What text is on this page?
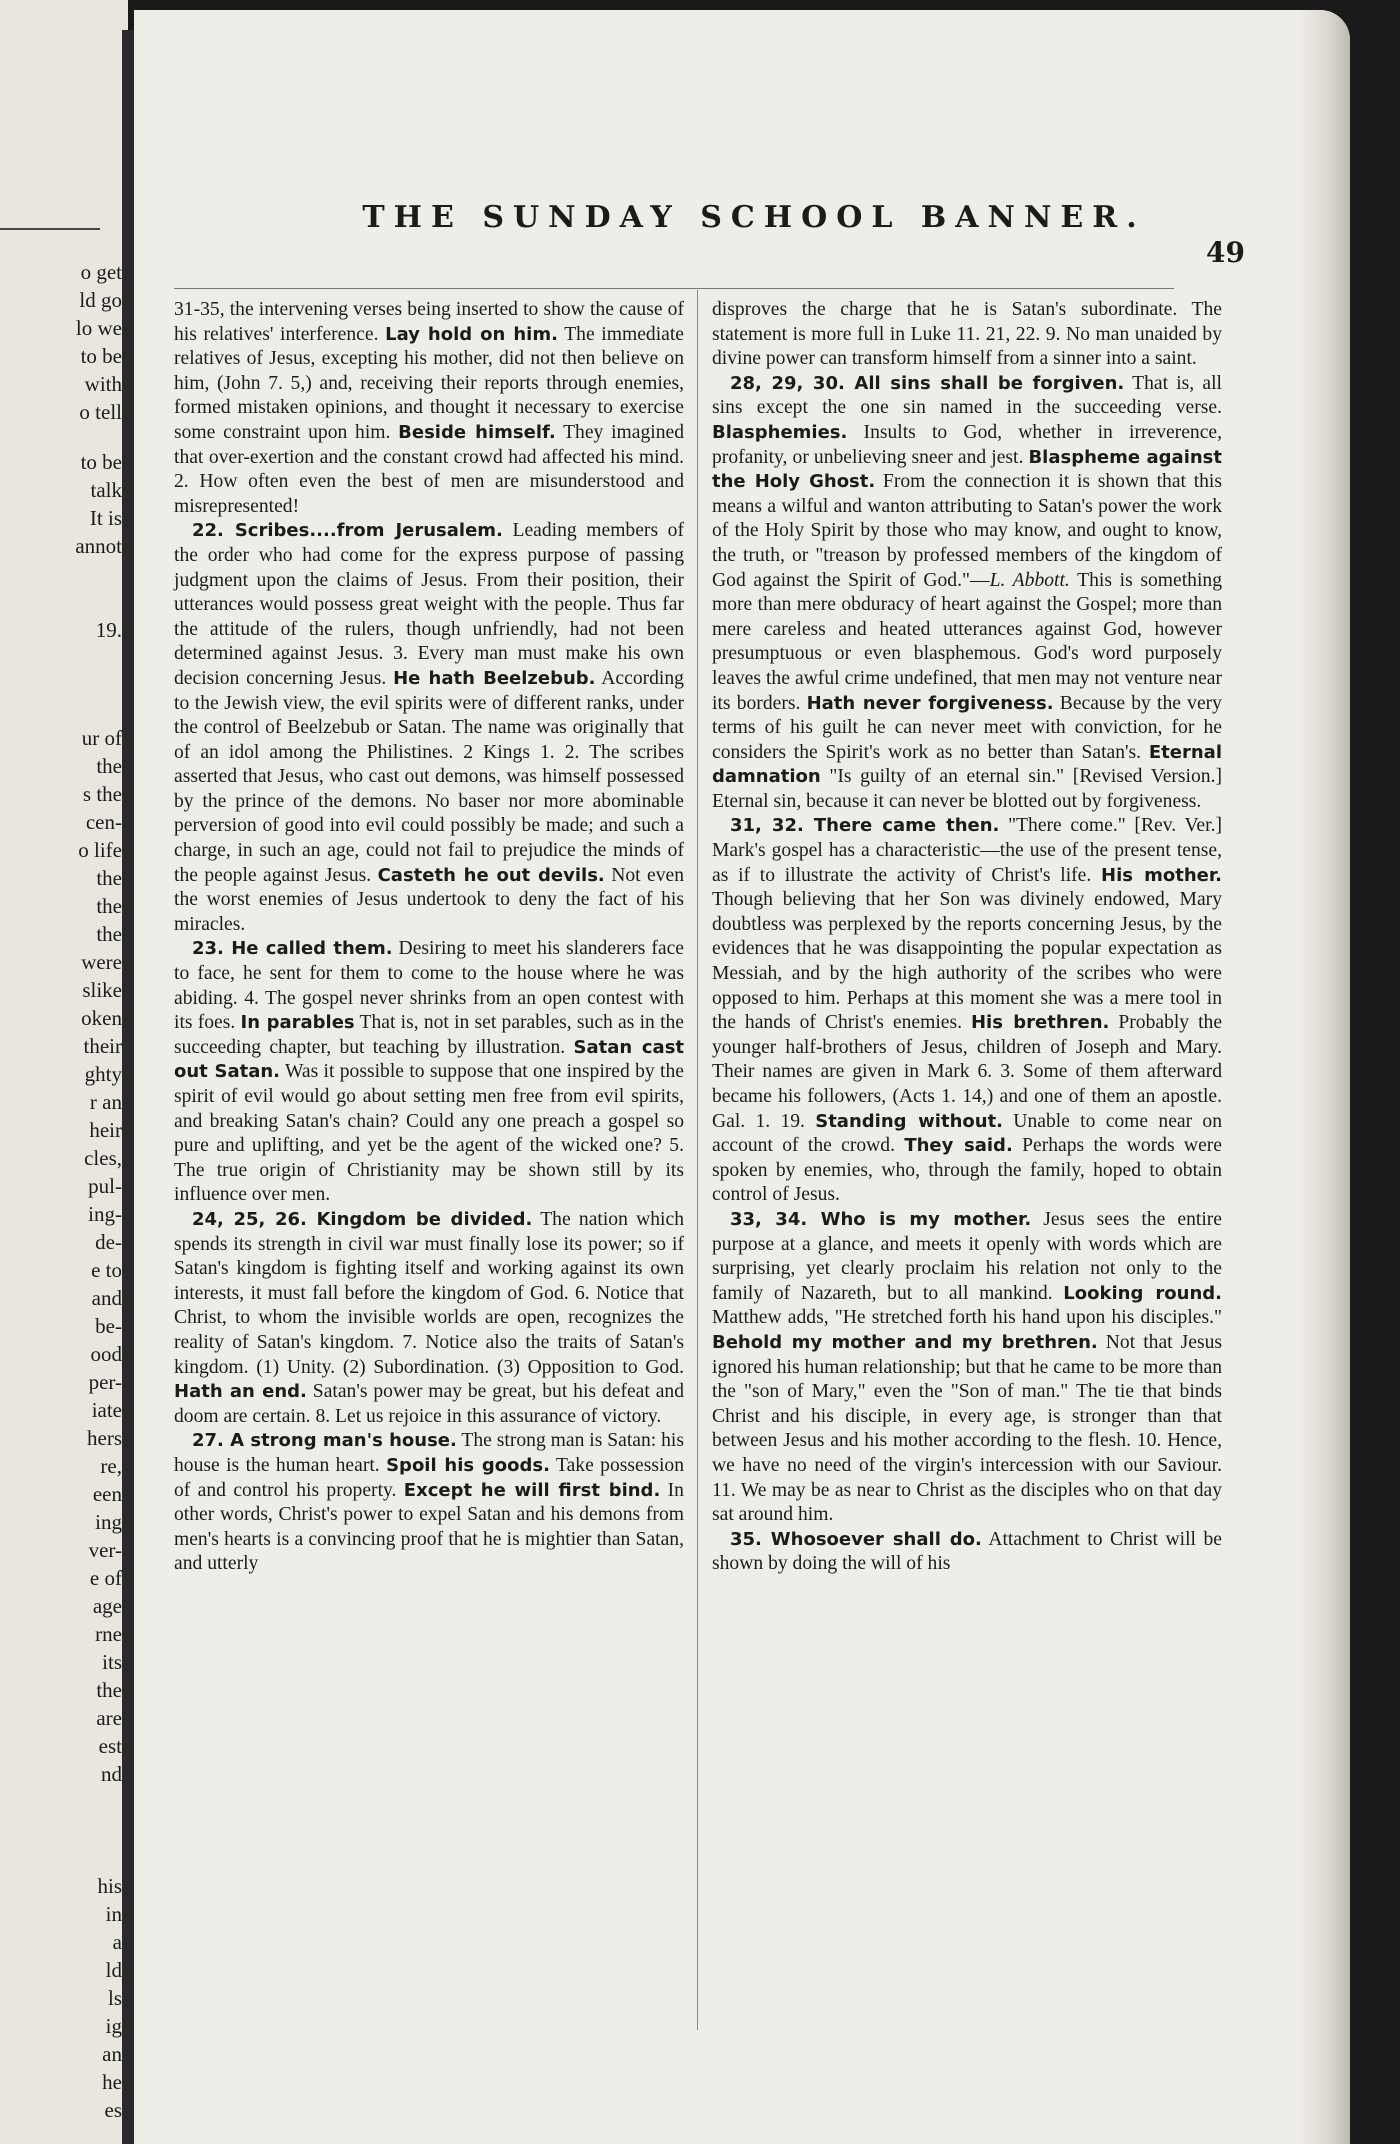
o get
ld go
lo we
to be
with
o tell
to be
talk
It is
annot
19.
ur of
the
s the
cen-
o life
the
the
the
were
slike
oken
their
ghty
r an
heir
cles,
pul-
ing-
de-
e to
and
be-
ood
per-
iate
hers
re,
een
ing
ver-
e of
age
rne
its
the
are
est
nd
his
in
a
ld
ls
ig
an
he
es
THE SUNDAY SCHOOL BANNER.
49

31-35, the intervening verses being inserted to show the cause of his relatives' interference. Lay hold on him. The immediate relatives of Jesus, excepting his mother, did not then believe on him, (John 7. 5,) and, receiving their reports through enemies, formed mistaken opinions, and thought it necessary to exercise some constraint upon him. Beside himself. They imagined that over-exertion and the constant crowd had affected his mind. 2. How often even the best of men are misunderstood and misrepresented!

22. Scribes....from Jerusalem. Leading members of the order who had come for the express purpose of passing judgment upon the claims of Jesus. From their position, their utterances would possess great weight with the people. Thus far the attitude of the rulers, though unfriendly, had not been determined against Jesus. 3. Every man must make his own decision concerning Jesus. He hath Beelzebub. According to the Jewish view, the evil spirits were of different ranks, under the control of Beelzebub or Satan. The name was originally that of an idol among the Philistines. 2 Kings 1. 2. The scribes asserted that Jesus, who cast out demons, was himself possessed by the prince of the demons. No baser nor more abominable perversion of good into evil could possibly be made; and such a charge, in such an age, could not fail to prejudice the minds of the people against Jesus. Casteth he out devils. Not even the worst enemies of Jesus undertook to deny the fact of his miracles.

23. He called them. Desiring to meet his slanderers face to face, he sent for them to come to the house where he was abiding. 4. The gospel never shrinks from an open contest with its foes. In parables That is, not in set parables, such as in the succeeding chapter, but teaching by illustration. Satan cast out Satan. Was it possible to suppose that one inspired by the spirit of evil would go about setting men free from evil spirits, and breaking Satan's chain? Could any one preach a gospel so pure and uplifting, and yet be the agent of the wicked one? 5. The true origin of Christianity may be shown still by its influence over men.

24, 25, 26. Kingdom be divided. The nation which spends its strength in civil war must finally lose its power; so if Satan's kingdom is fighting itself and working against its own interests, it must fall before the kingdom of God. 6. Notice that Christ, to whom the invisible worlds are open, recognizes the reality of Satan's kingdom. 7. Notice also the traits of Satan's kingdom. (1) Unity. (2) Subordination. (3) Opposition to God. Hath an end. Satan's power may be great, but his defeat and doom are certain. 8. Let us rejoice in this assurance of victory.

27. A strong man's house. The strong man is Satan: his house is the human heart. Spoil his goods. Take possession of and control his property. Except he will first bind. In other words, Christ's power to expel Satan and his demons from men's hearts is a convincing proof that he is mightier than Satan, and utterly

disproves the charge that he is Satan's subordinate. The statement is more full in Luke 11. 21, 22. 9. No man unaided by divine power can transform himself from a sinner into a saint.

28, 29, 30. All sins shall be forgiven. That is, all sins except the one sin named in the succeeding verse. Blasphemies. Insults to God, whether in irreverence, profanity, or unbelieving sneer and jest. Blaspheme against the Holy Ghost. From the connection it is shown that this means a wilful and wanton attributing to Satan's power the work of the Holy Spirit by those who may know, and ought to know, the truth, or "treason by professed members of the kingdom of God against the Spirit of God."—L. Abbott. This is something more than mere obduracy of heart against the Gospel; more than mere careless and heated utterances against God, however presumptuous or even blasphemous. God's word purposely leaves the awful crime undefined, that men may not venture near its borders. Hath never forgiveness. Because by the very terms of his guilt he can never meet with conviction, for he considers the Spirit's work as no better than Satan's. Eternal damnation "Is guilty of an eternal sin." [Revised Version.] Eternal sin, because it can never be blotted out by forgiveness.

31, 32. There came then. "There come." [Rev. Ver.] Mark's gospel has a characteristic—the use of the present tense, as if to illustrate the activity of Christ's life. His mother. Though believing that her Son was divinely endowed, Mary doubtless was perplexed by the reports concerning Jesus, by the evidences that he was disappointing the popular expectation as Messiah, and by the high authority of the scribes who were opposed to him. Perhaps at this moment she was a mere tool in the hands of Christ's enemies. His brethren. Probably the younger half-brothers of Jesus, children of Joseph and Mary. Their names are given in Mark 6. 3. Some of them afterward became his followers, (Acts 1. 14,) and one of them an apostle. Gal. 1. 19. Standing without. Unable to come near on account of the crowd. They said. Perhaps the words were spoken by enemies, who, through the family, hoped to obtain control of Jesus.

33, 34. Who is my mother. Jesus sees the entire purpose at a glance, and meets it openly with words which are surprising, yet clearly proclaim his relation not only to the family of Nazareth, but to all mankind. Looking round. Matthew adds, "He stretched forth his hand upon his disciples." Behold my mother and my brethren. Not that Jesus ignored his human relationship; but that he came to be more than the "son of Mary," even the "Son of man." The tie that binds Christ and his disciple, in every age, is stronger than that between Jesus and his mother according to the flesh. 10. Hence, we have no need of the virgin's intercession with our Saviour. 11. We may be as near to Christ as the disciples who on that day sat around him.

35. Whosoever shall do. Attachment to Christ will be shown by doing the will of his
